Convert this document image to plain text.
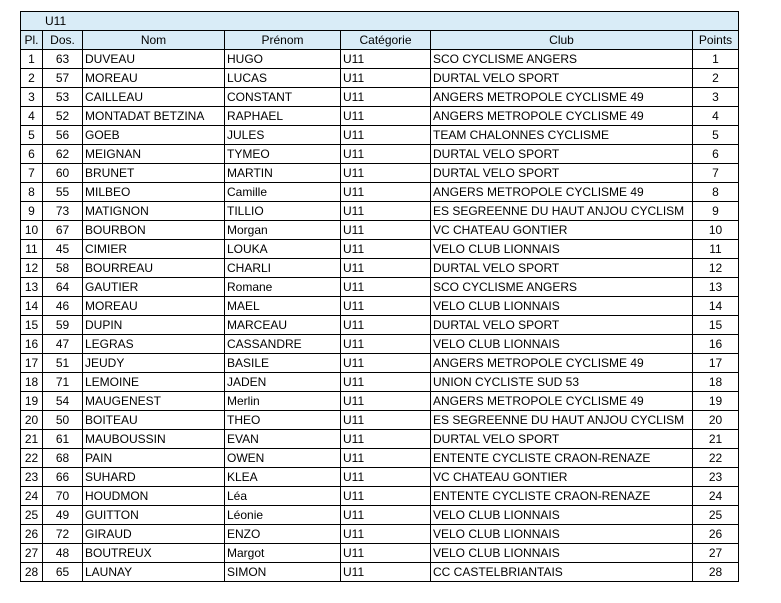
U11						
Pl.	Dos.	Nom	Prénom	Catégorie	Club	Points
1	63	DUVEAU	HUGO	U11	SCO CYCLISME ANGERS	1
2	57	MOREAU	LUCAS	U11	DURTAL VELO SPORT	2
3	53	CAILLEAU	CONSTANT	U11	ANGERS METROPOLE CYCLISME 49	3
4	52	MONTADAT BETZINA	RAPHAEL	U11	ANGERS METROPOLE CYCLISME 49	4
5	56	GOEB	JULES	U11	TEAM CHALONNES CYCLISME	5
6	62	MEIGNAN	TYMEO	U11	DURTAL VELO SPORT	6
7	60	BRUNET	MARTIN	U11	DURTAL VELO SPORT	7
8	55	MILBEO	Camille	U11	ANGERS METROPOLE CYCLISME 49	8
9	73	MATIGNON	TILLIO	U11	ES SEGREENNE DU HAUT ANJOU CYCLISM	9
10	67	BOURBON	Morgan	U11	VC CHATEAU GONTIER	10
11	45	CIMIER	LOUKA	U11	VELO CLUB LIONNAIS	11
12	58	BOURREAU	CHARLI	U11	DURTAL VELO SPORT	12
13	64	GAUTIER	Romane	U11	SCO CYCLISME ANGERS	13
14	46	MOREAU	MAEL	U11	VELO CLUB LIONNAIS	14
15	59	DUPIN	MARCEAU	U11	DURTAL VELO SPORT	15
16	47	LEGRAS	CASSANDRE	U11	VELO CLUB LIONNAIS	16
17	51	JEUDY	BASILE	U11	ANGERS METROPOLE CYCLISME 49	17
18	71	LEMOINE	JADEN	U11	UNION CYCLISTE SUD 53	18
19	54	MAUGENEST	Merlin	U11	ANGERS METROPOLE CYCLISME 49	19
20	50	BOITEAU	THEO	U11	ES SEGREENNE DU HAUT ANJOU CYCLISM	20
21	61	MAUBOUSSIN	EVAN	U11	DURTAL VELO SPORT	21
22	68	PAIN	OWEN	U11	ENTENTE CYCLISTE CRAON-RENAZE	22
23	66	SUHARD	KLEA	U11	VC CHATEAU GONTIER	23
24	70	HOUDMON	Léa	U11	ENTENTE CYCLISTE CRAON-RENAZE	24
25	49	GUITTON	Léonie	U11	VELO CLUB LIONNAIS	25
26	72	GIRAUD	ENZO	U11	VELO CLUB LIONNAIS	26
27	48	BOUTREUX	Margot	U11	VELO CLUB LIONNAIS	27
28	65	LAUNAY	SIMON	U11	CC CASTELBRIANTAIS	28
